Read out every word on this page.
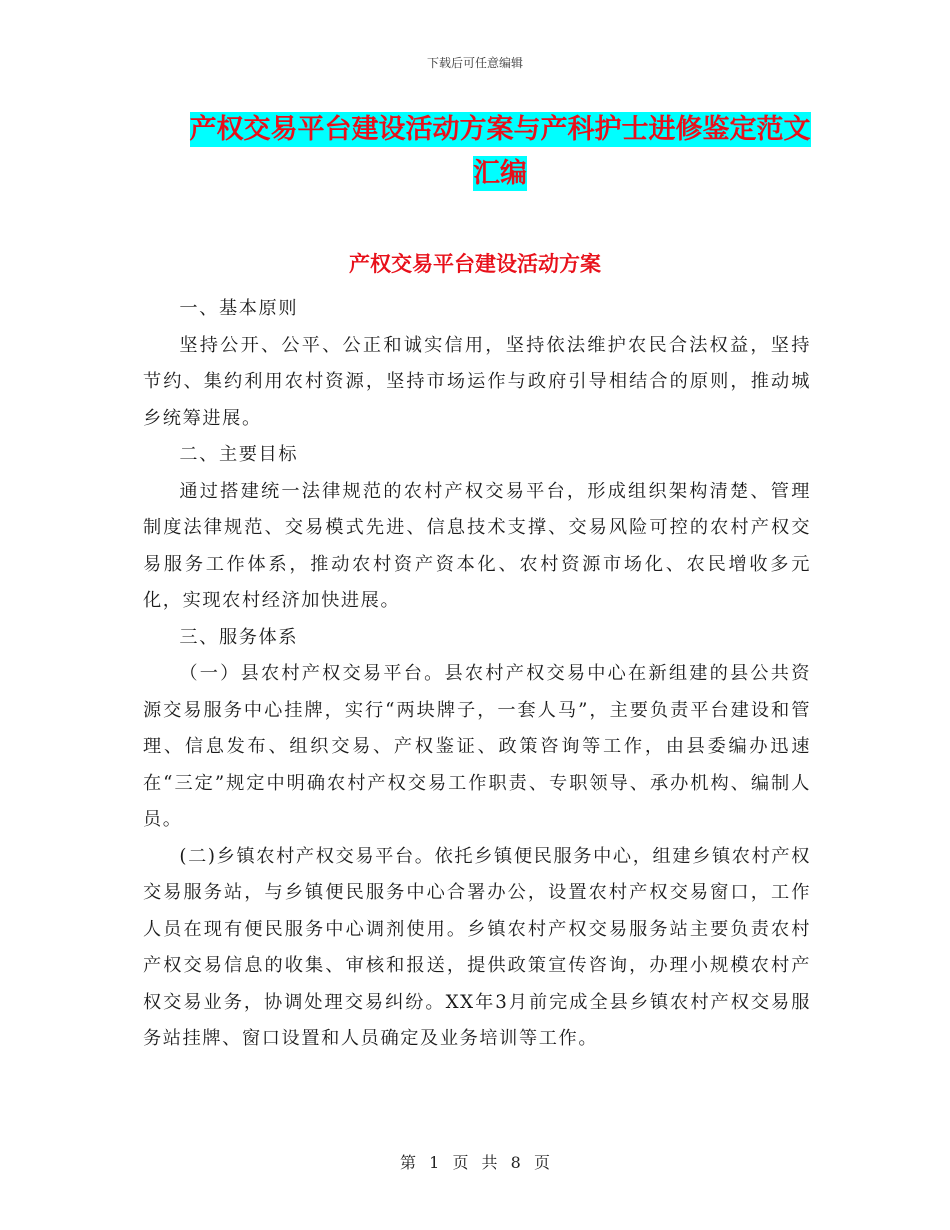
下载后可任意编辑
产权交易平台建设活动方案与产科护士进修鉴定范文
汇编
产权交易平台建设活动方案

一、基本原则

坚持公开、公平、公正和诚实信用，坚持依法维护农民合法权益，坚持节约、集约利用农村资源，坚持市场运作与政府引导相结合的原则，推动城乡统筹进展。

二、主要目标

通过搭建统一法律规范的农村产权交易平台，形成组织架构清楚、管理制度法律规范、交易模式先进、信息技术支撑、交易风险可控的农村产权交易服务工作体系，推动农村资产资本化、农村资源市场化、农民增收多元化，实现农村经济加快进展。

三、服务体系

（一）县农村产权交易平台。县农村产权交易中心在新组建的县公共资源交易服务中心挂牌，实行“两块牌子，一套人马”，主要负责平台建设和管理、信息发布、组织交易、产权鉴证、政策咨询等工作，由县委编办迅速在“三定”规定中明确农村产权交易工作职责、专职领导、承办机构、编制人员。

(二)乡镇农村产权交易平台。依托乡镇便民服务中心，组建乡镇农村产权交易服务站，与乡镇便民服务中心合署办公，设置农村产权交易窗口，工作人员在现有便民服务中心调剂使用。乡镇农村产权交易服务站主要负责农村产权交易信息的收集、审核和报送，提供政策宣传咨询，办理小规模农村产权交易业务，协调处理交易纠纷。XX年3月前完成全县乡镇农村产权交易服务站挂牌、窗口设置和人员确定及业务培训等工作。

第 1 页 共 8 页
